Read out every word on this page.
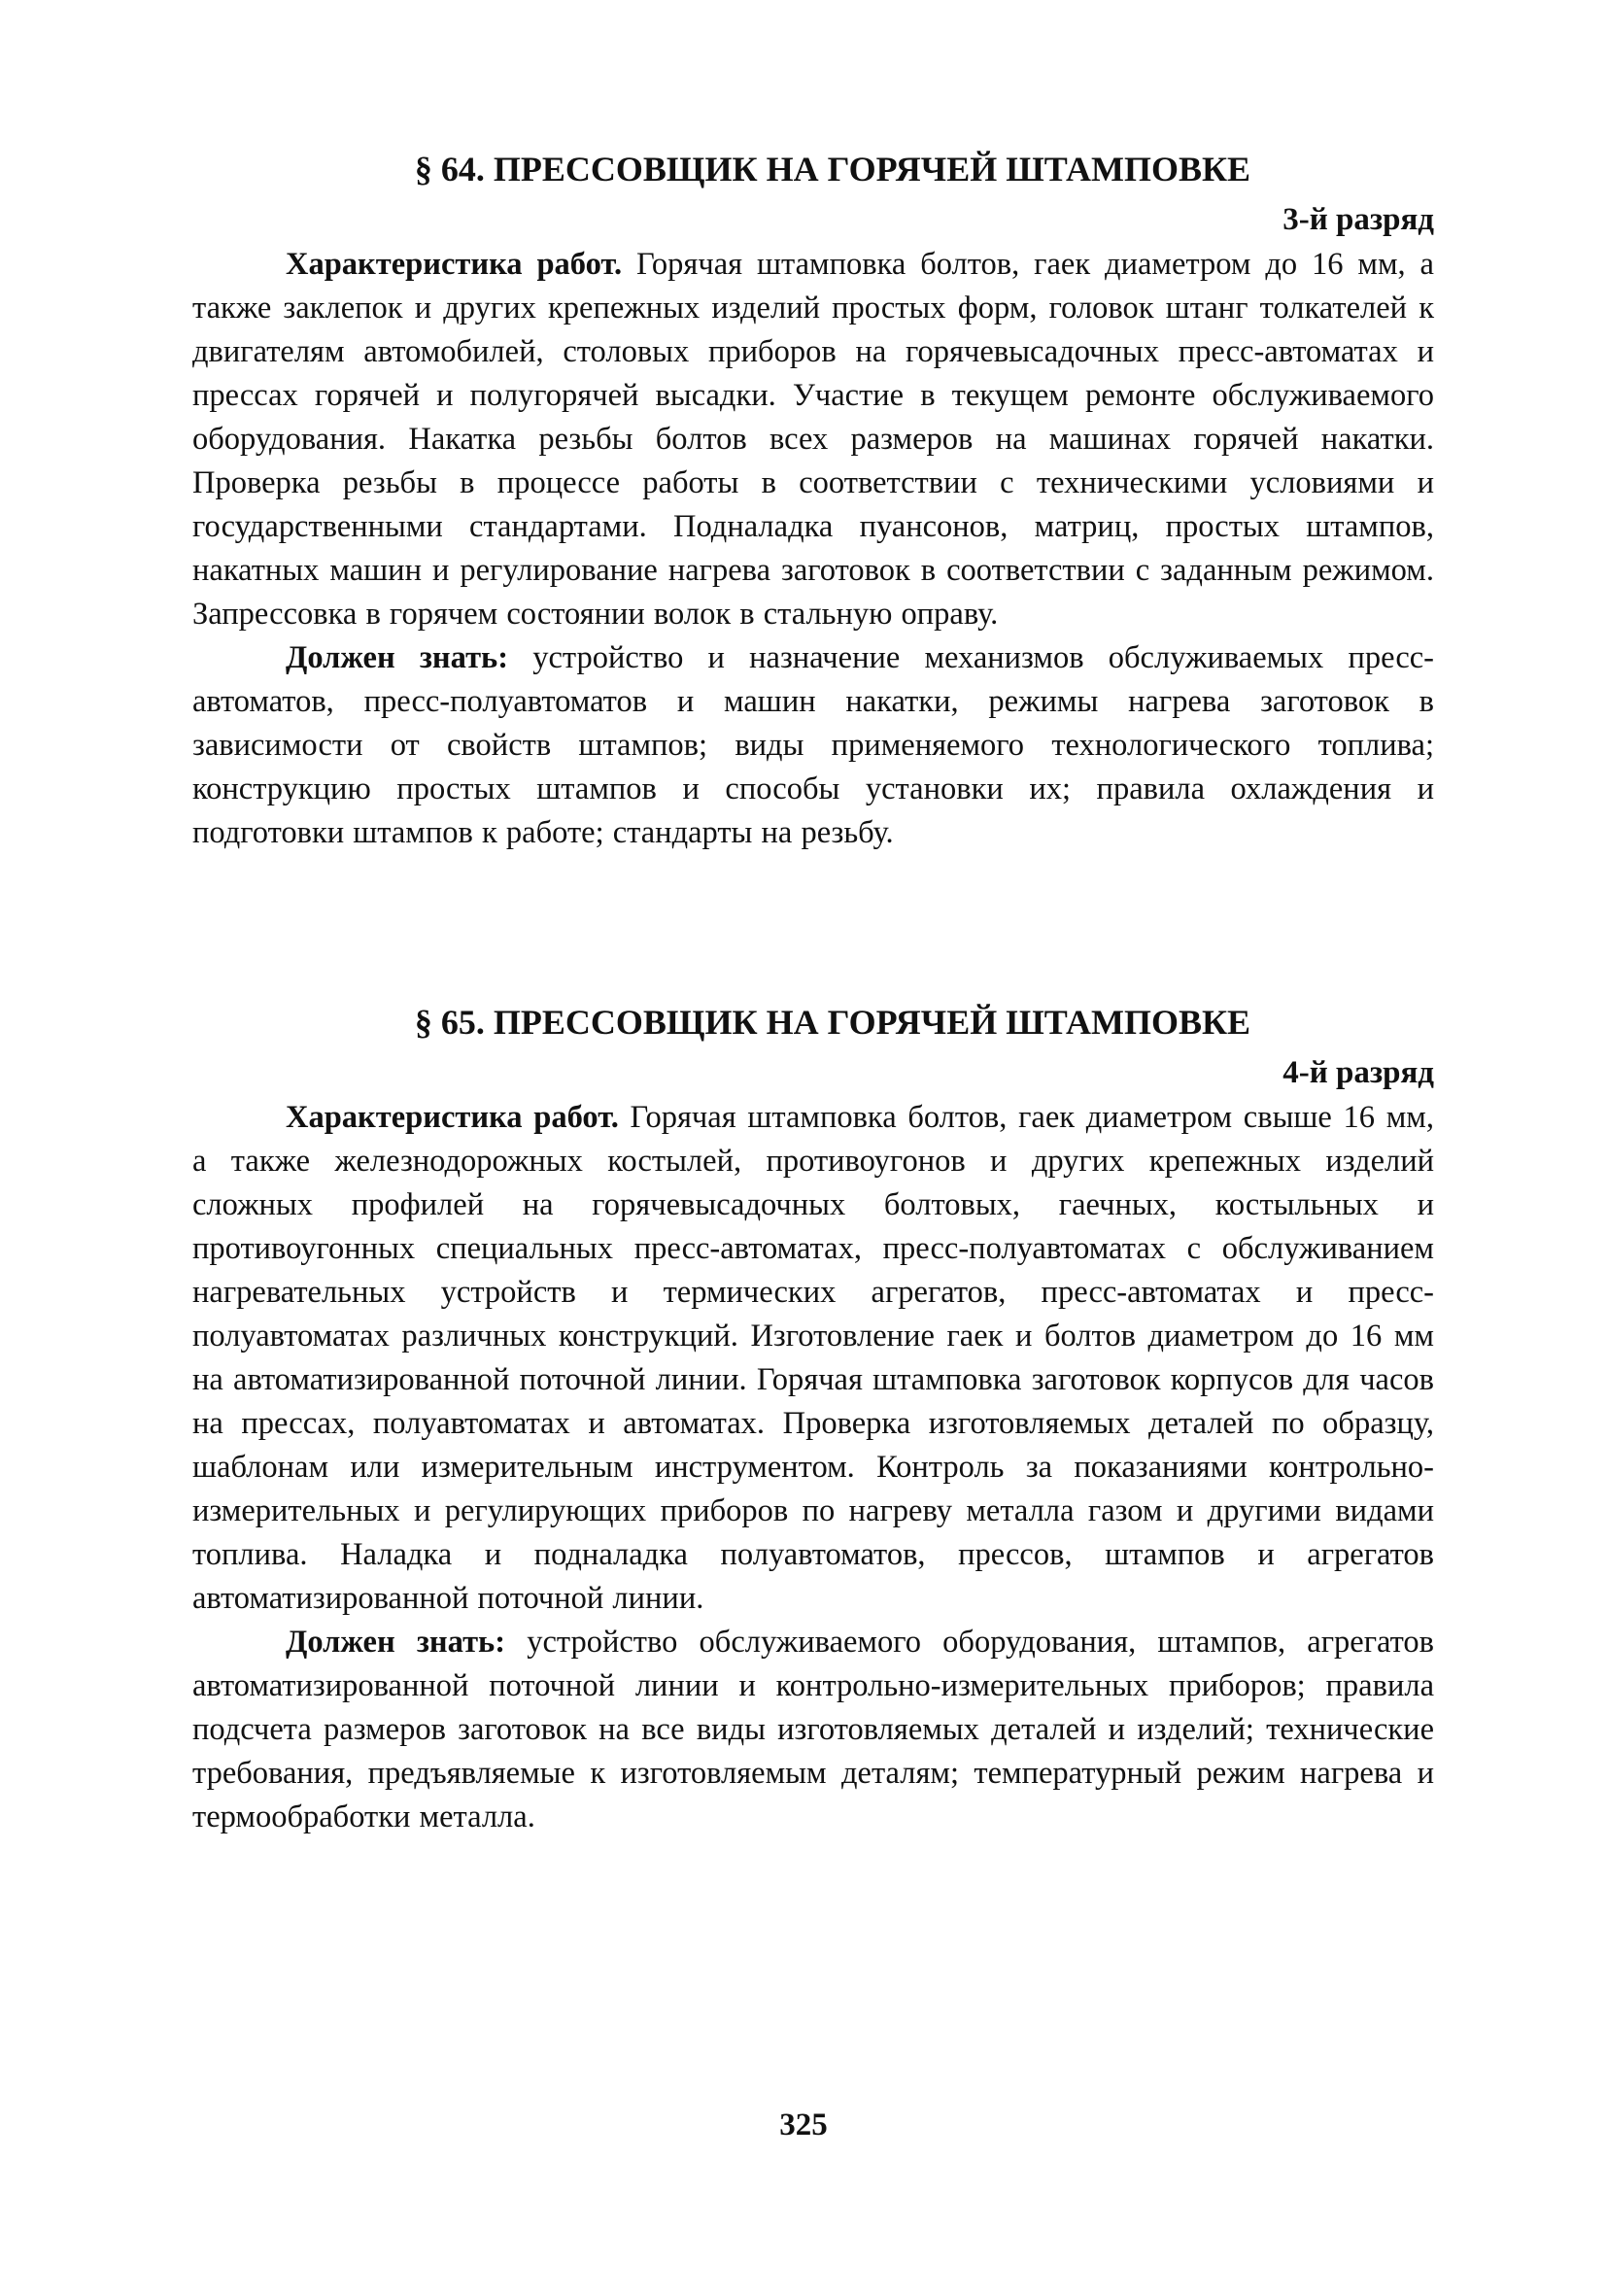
§ 64. ПРЕССОВЩИК НА ГОРЯЧЕЙ ШТАМПОВКЕ
3-й разряд

Характеристика работ. Горячая штамповка болтов, гаек диаметром до 16 мм, а также заклепок и других крепежных изделий простых форм, головок штанг толкателей к двигателям автомобилей, столовых приборов на горячевысадочных пресс-автоматах и прессах горячей и полугорячей высадки. Участие в текущем ремонте обслуживаемого оборудования. Накатка резьбы болтов всех размеров на машинах горячей накатки. Проверка резьбы в процессе работы в соответствии с техническими условиями и государственными стандартами. Подналадка пуансонов, матриц, простых штампов, накатных машин и регулирование нагрева заготовок в соответствии с заданным режимом. Запрессовка в горячем состоянии волок в стальную оправу.

Должен знать: устройство и назначение механизмов обслуживаемых пресс-автоматов, пресс-полуавтоматов и машин накатки, режимы нагрева заготовок в зависимости от свойств штампов; виды применяемого технологического топлива; конструкцию простых штампов и способы установки их; правила охлаждения и подготовки штампов к работе; стандарты на резьбу.

§ 65. ПРЕССОВЩИК НА ГОРЯЧЕЙ ШТАМПОВКЕ
4-й разряд

Характеристика работ. Горячая штамповка болтов, гаек диаметром свыше 16 мм, а также железнодорожных костылей, противоугонов и других крепежных изделий сложных профилей на горячевысадочных болтовых, гаечных, костыльных и противоугонных специальных пресс-автоматах, пресс-полуавтоматах с обслуживанием нагревательных устройств и термических агрегатов, пресс-автоматах и пресс- полуавтоматах различных конструкций. Изготовление гаек и болтов диаметром до 16 мм на автоматизированной поточной линии. Горячая штамповка заготовок корпусов для часов на прессах, полуавтоматах и автоматах. Проверка изготовляемых деталей по образцу, шаблонам или измерительным инструментом. Контроль за показаниями контрольно-измерительных и регулирующих приборов по нагреву металла газом и другими видами топлива. Наладка и подналадка полуавтоматов, прессов, штампов и агрегатов автоматизированной поточной линии.

Должен знать: устройство обслуживаемого оборудования, штампов, агрегатов автоматизированной поточной линии и контрольно-измерительных приборов; правила подсчета размеров заготовок на все виды изготовляемых деталей и изделий; технические требования, предъявляемые к изготовляемым деталям; температурный режим нагрева и термообработки металла.

325
